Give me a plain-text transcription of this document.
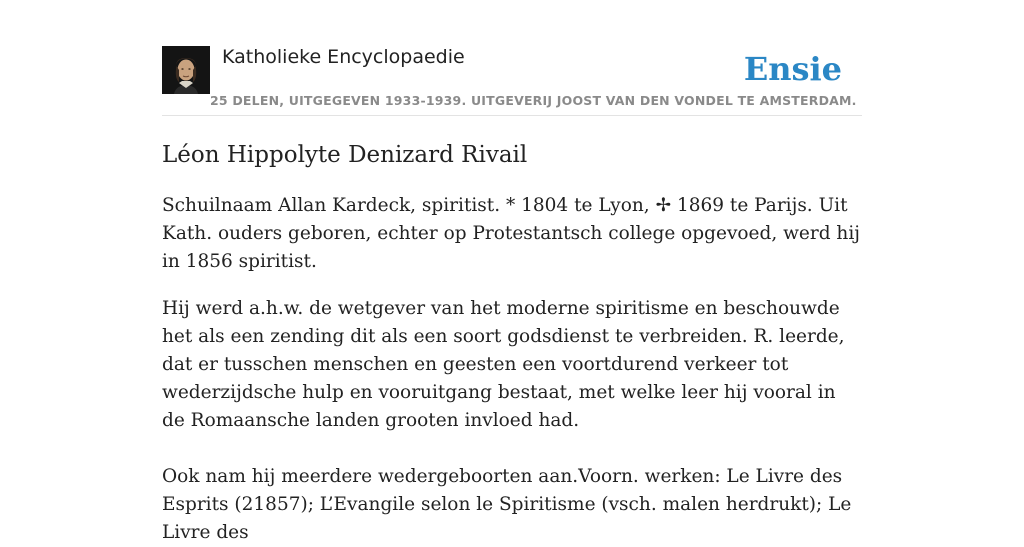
Katholieke Encyclopaedie	Ensie
25 DELEN, UITGEGEVEN 1933-1939. UITGEVERIJ JOOST VAN DEN VONDEL TE AMSTERDAM.
Léon Hippolyte Denizard Rivail

Schuilnaam Allan Kardeck, spiritist. * 1804 te Lyon, ✢ 1869 te Parijs. Uit Kath. ouders geboren, echter op Protestantsch college opgevoed, werd hij in 1856 spiritist.

Hij werd a.h.w. de wetgever van het moderne spiritisme en beschouwde het als een zending dit als een soort godsdienst te verbreiden. R. leerde, dat er tusschen menschen en geesten een voortdurend verkeer tot wederzijdsche hulp en vooruitgang bestaat, met welke leer hij vooral in de Romaansche landen grooten invloed had.

Ook nam hij meerdere wedergeboorten aan.Voorn. werken: Le Livre des Esprits (21857); L’Evangile selon le Spiritisme (vsch. malen herdrukt); Le Livre des
